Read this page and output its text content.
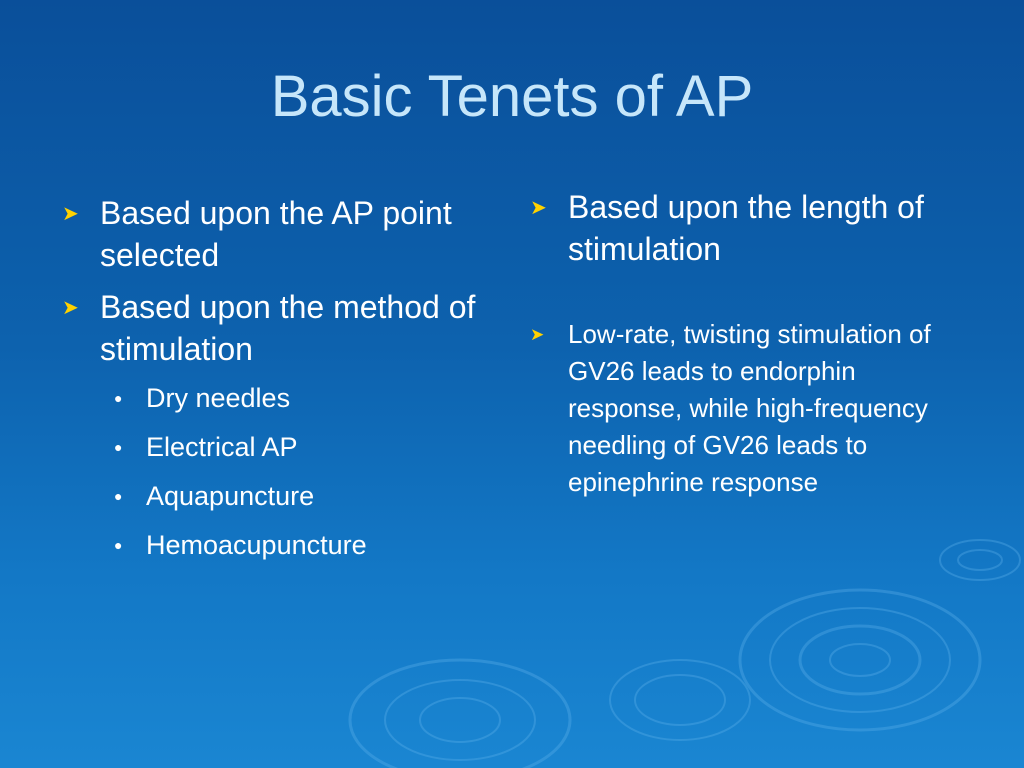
Basic Tenets of AP
➤ Based upon the AP point selected
➤ Based upon the method of stimulation
● Dry needles
● Electrical AP
● Aquapuncture
● Hemoacupuncture
➤ Based upon the length of stimulation
➤ Low-rate, twisting stimulation of GV26 leads to endorphin response, while high-frequency needling of GV26 leads to epinephrine response
